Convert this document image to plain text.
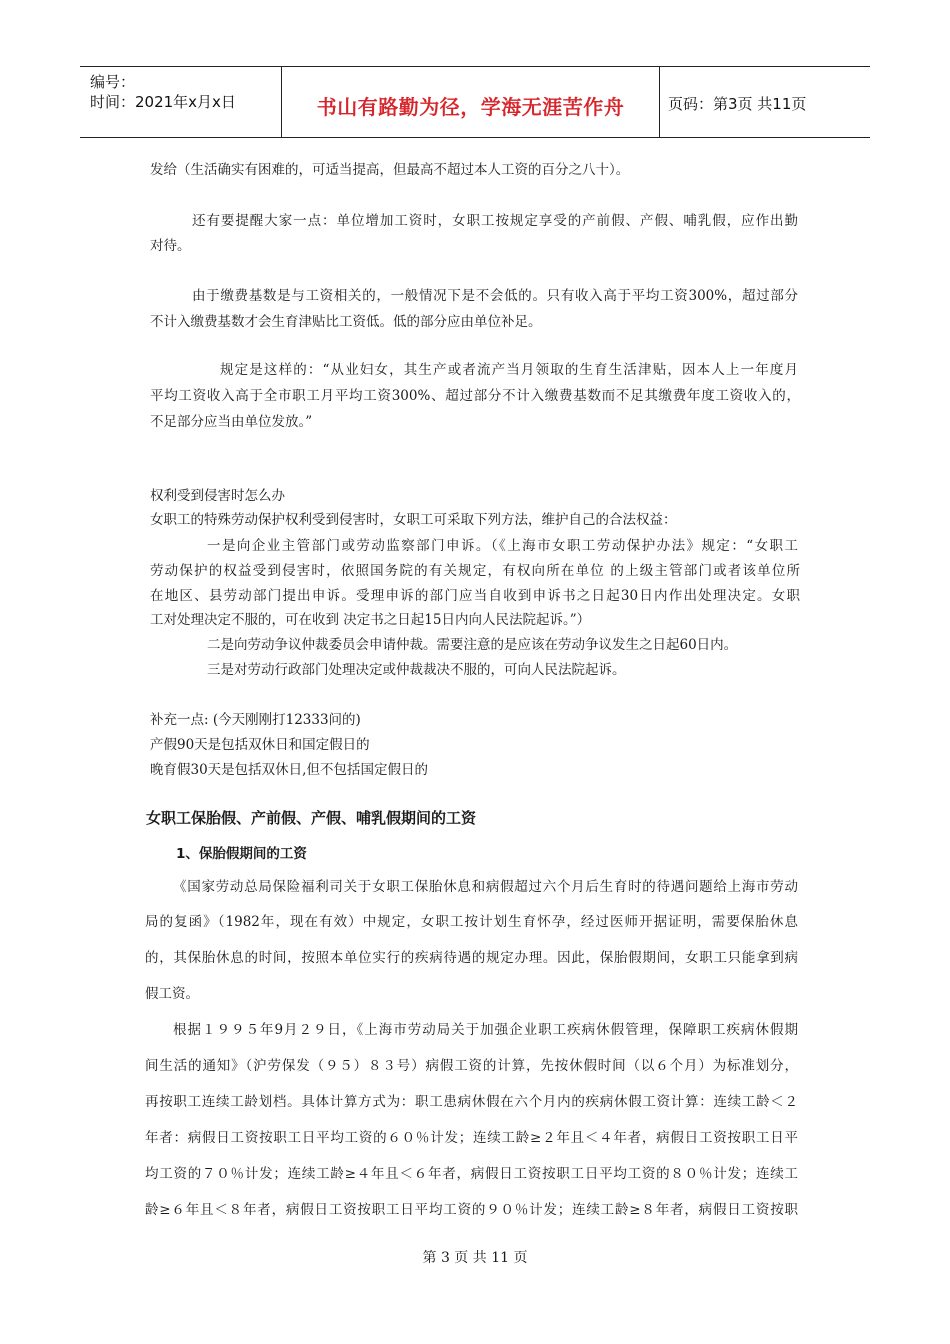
编号：
时间：2021年x月x日	书山有路勤为径，学海无涯苦作舟	页码：第3页 共11页
发给（生活确实有困难的，可适当提高，但最高不超过本人工资的百分之八十）。
还有要提醒大家一点：单位增加工资时，女职工按规定享受的产前假、产假、哺乳假，应作出勤
对待。
由于缴费基数是与工资相关的，一般情况下是不会低的。只有收入高于平均工资300%，超过部分
不计入缴费基数才会生育津贴比工资低。低的部分应由单位补足。
规定是这样的：“从业妇女，其生产或者流产当月领取的生育生活津贴，因本人上一年度月
平均工资收入高于全市职工月平均工资300%、超过部分不计入缴费基数而不足其缴费年度工资收入的，
不足部分应当由单位发放。”
权利受到侵害时怎么办
女职工的特殊劳动保护权利受到侵害时，女职工可采取下列方法，维护自己的合法权益：
一是向企业主管部门或劳动监察部门申诉。（《上海市女职工劳动保护办法》规定：“女职工
劳动保护的权益受到侵害时，依照国务院的有关规定，有权向所在单位 的上级主管部门或者该单位所
在地区、县劳动部门提出申诉。受理申诉的部门应当自收到申诉书之日起30日内作出处理决定。女职
工对处理决定不服的，可在收到 决定书之日起15日内向人民法院起诉。”）
二是向劳动争议仲裁委员会申请仲裁。需要注意的是应该在劳动争议发生之日起60日内。
三是对劳动行政部门处理决定或仲裁裁决不服的，可向人民法院起诉。
补充一点: (今天刚刚打12333问的)
产假90天是包括双休日和国定假日的
晚育假30天是包括双休日,但不包括国定假日的
女职工保胎假、产前假、产假、哺乳假期间的工资
1、保胎假期间的工资
《国家劳动总局保险福利司关于女职工保胎休息和病假超过六个月后生育时的待遇问题给上海市劳动
局的复函》（1982年，现在有效）中规定，女职工按计划生育怀孕，经过医师开据证明，需要保胎休息
的，其保胎休息的时间，按照本单位实行的疾病待遇的规定办理。因此，保胎假期间，女职工只能拿到病
假工资。
根据１９９５年9月２９日，《上海市劳动局关于加强企业职工疾病休假管理，保障职工疾病休假期
间生活的通知》（沪劳保发（９５）８３号）病假工资的计算，先按休假时间（以６个月）为标准划分，
再按职工连续工龄划档。具体计算方式为：职工患病休假在六个月内的疾病休假工资计算：连续工龄＜２
年者：病假日工资按职工日平均工资的６０％计发；连续工龄≥２年且＜４年者，病假日工资按职工日平
均工资的７０％计发；连续工龄≥４年且＜６年者，病假日工资按职工日平均工资的８０％计发；连续工
龄≥６年且＜８年者，病假日工资按职工日平均工资的９０％计发；连续工龄≥８年者，病假日工资按职
第 3 页 共 11 页
